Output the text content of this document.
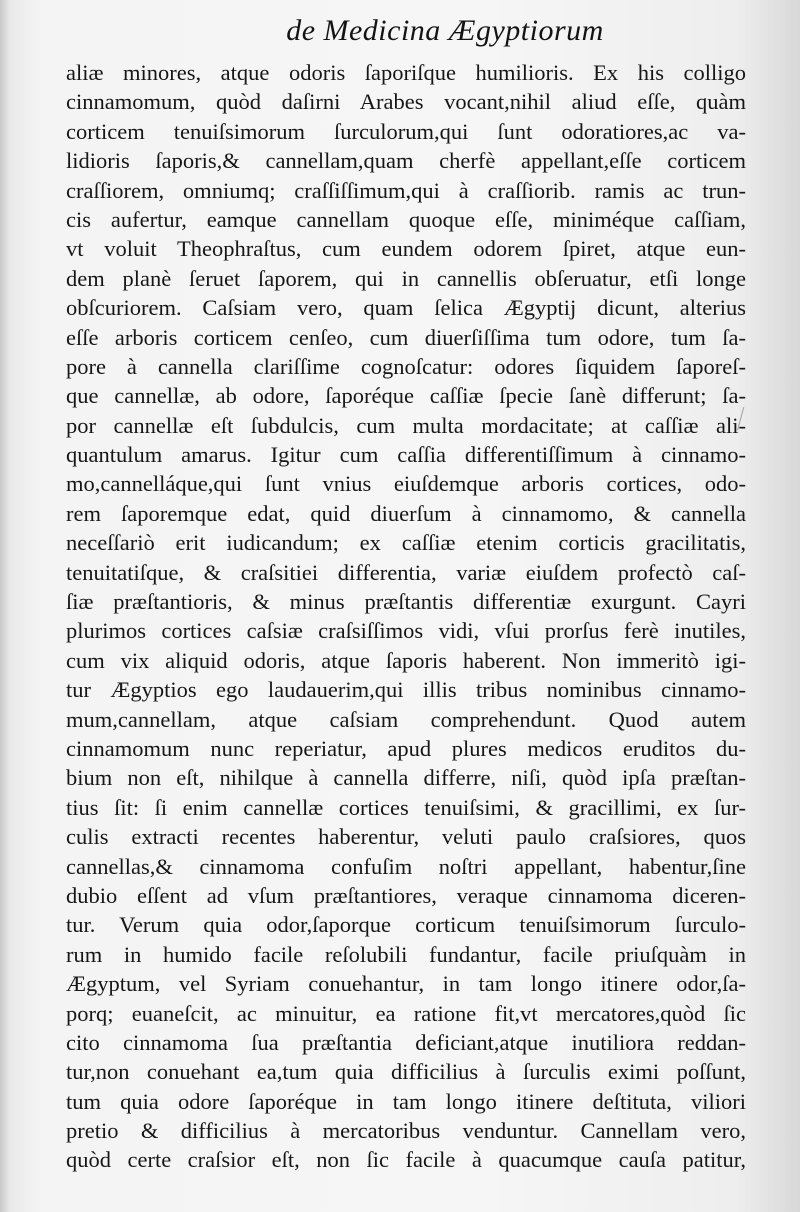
de Medicina Ægyptiorum
aliæ minores, atque odoris ſaporiſque humilioris. Ex his colligo
cinnamomum, quòd daſirni Arabes vocant,nihil aliud eſſe, quàm
corticem tenuiſsimorum ſurculorum,qui ſunt odoratiores,ac va-
lidioris ſaporis,& cannellam,quam cherfè appellant,eſſe corticem
craſſiorem, omniumq; craſſiſſimum,qui à craſſiorib. ramis ac trun-
cis aufertur, eamque cannellam quoque eſſe, miniméque caſſiam,
vt voluit Theophraſtus, cum eundem odorem ſpiret, atque eun-
dem planè ſeruet ſaporem, qui in cannellis obſeruatur, etſi longe
obſcuriorem. Caſsiam vero, quam ſelica Ægyptij dicunt, alterius
eſſe arboris corticem cenſeo, cum diuerſiſſima tum odore, tum ſa-
pore à cannella clariſſime cognoſcatur: odores ſiquidem ſaporeſ-
que cannellæ, ab odore, ſaporéque caſſiæ ſpecie ſanè differunt; ſa-
por cannellæ eſt ſubdulcis, cum multa mordacitate; at caſſiæ ali-
quantulum amarus. Igitur cum caſſia differentiſſimum à cinnamo-
mo,cannelláque,qui ſunt vnius eiuſdemque arboris cortices, odo-
rem ſaporemque edat, quid diuerſum à cinnamomo, & cannella
neceſſariò erit iudicandum; ex caſſiæ etenim corticis gracilitatis,
tenuitatiſque, & craſsitiei differentia, variæ eiuſdem profectò caſ-
ſiæ præſtantioris, & minus præſtantis differentiæ exurgunt. Cayri
plurimos cortices caſsiæ craſsiſſimos vidi, vſui prorſus ferè inutiles,
cum vix aliquid odoris, atque ſaporis haberent. Non immeritò igi-
tur Ægyptios ego laudauerim,qui illis tribus nominibus cinnamo-
mum,cannellam, atque caſsiam comprehendunt. Quod autem
cinnamomum nunc reperiatur, apud plures medicos eruditos du-
bium non eſt, nihilque à cannella differre, niſi, quòd ipſa præſtan-
tius ſit: ſi enim cannellæ cortices tenuiſsimi, & gracillimi, ex ſur-
culis extracti recentes haberentur, veluti paulo craſsiores, quos
cannellas,& cinnamoma confuſim noſtri appellant, habentur,ſine
dubio eſſent ad vſum præſtantiores, veraque cinnamoma diceren-
tur. Verum quia odor,ſaporque corticum tenuiſsimorum ſurculo-
rum in humido facile reſolubili fundantur, facile priuſquàm in
Ægyptum, vel Syriam conuehantur, in tam longo itinere odor,ſa-
porq; euaneſcit, ac minuitur, ea ratione fit,vt mercatores,quòd ſic
cito cinnamoma ſua præſtantia deficiant,atque inutiliora reddan-
tur,non conuehant ea,tum quia difficilius à ſurculis eximi poſſunt,
tum quia odore ſaporéque in tam longo itinere deſtituta, viliori
pretio & difficilius à mercatoribus venduntur. Cannellam vero,
quòd certe craſsior eſt, non ſic facile à quacumque cauſa patitur,
